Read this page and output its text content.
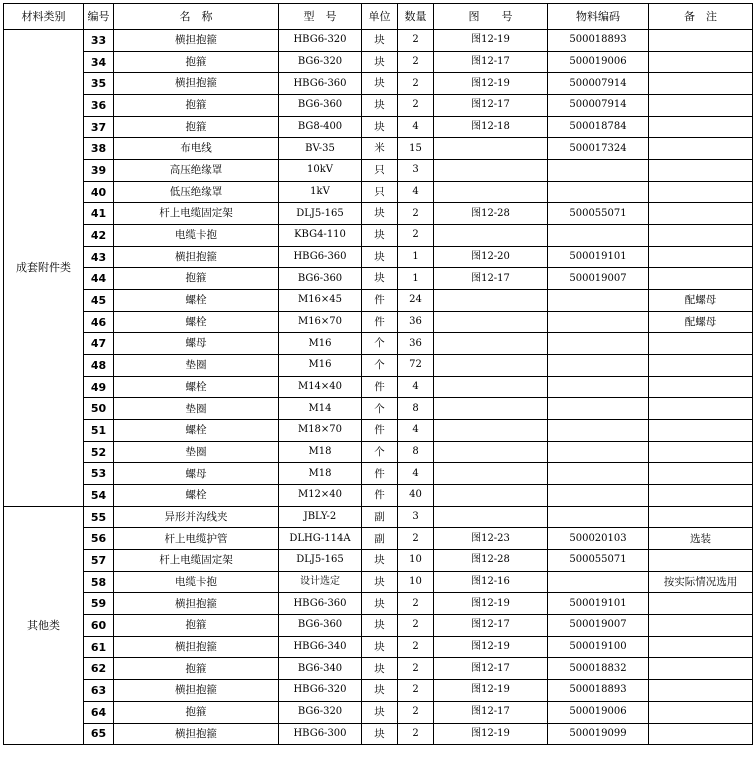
材料类别	编号	名　称	型　号	单位	数量	图　　号	物料编码	备　注
成套附件类	33	横担抱箍	HBG6-320	块	2	图12-19	500018893	
	34	抱箍	BG6-320	块	2	图12-17	500019006	
	35	横担抱箍	HBG6-360	块	2	图12-19	500007914	
	36	抱箍	BG6-360	块	2	图12-17	500007914	
	37	抱箍	BG8-400	块	4	图12-18	500018784	
	38	布电线	BV-35	米	15		500017324	
	39	高压绝缘罩	10kV	只	3			
	40	低压绝缘罩	1kV	只	4			
	41	杆上电缆固定架	DLJ5-165	块	2	图12-28	500055071	
	42	电缆卡抱	KBG4-110	块	2			
	43	横担抱箍	HBG6-360	块	1	图12-20	500019101	
	44	抱箍	BG6-360	块	1	图12-17	500019007	
	45	螺栓	M16×45	件	24			配螺母
	46	螺栓	M16×70	件	36			配螺母
	47	螺母	M16	个	36			
	48	垫圈	M16	个	72			
	49	螺栓	M14×40	件	4			
	50	垫圈	M14	个	8			
	51	螺栓	M18×70	件	4			
	52	垫圈	M18	个	8			
	53	螺母	M18	件	4			
	54	螺栓	M12×40	件	40			
其他类	55	异形并沟线夹	JBLY-2	副	3			
	56	杆上电缆护管	DLHG-114A	副	2	图12-23	500020103	选装
	57	杆上电缆固定架	DLJ5-165	块	10	图12-28	500055071	
	58	电缆卡抱	设计选定	块	10	图12-16		按实际情况选用
	59	横担抱箍	HBG6-360	块	2	图12-19	500019101	
	60	抱箍	BG6-360	块	2	图12-17	500019007	
	61	横担抱箍	HBG6-340	块	2	图12-19	500019100	
	62	抱箍	BG6-340	块	2	图12-17	500018832	
	63	横担抱箍	HBG6-320	块	2	图12-19	500018893	
	64	抱箍	BG6-320	块	2	图12-17	500019006	
	65	横担抱箍	HBG6-300	块	2	图12-19	500019099	
